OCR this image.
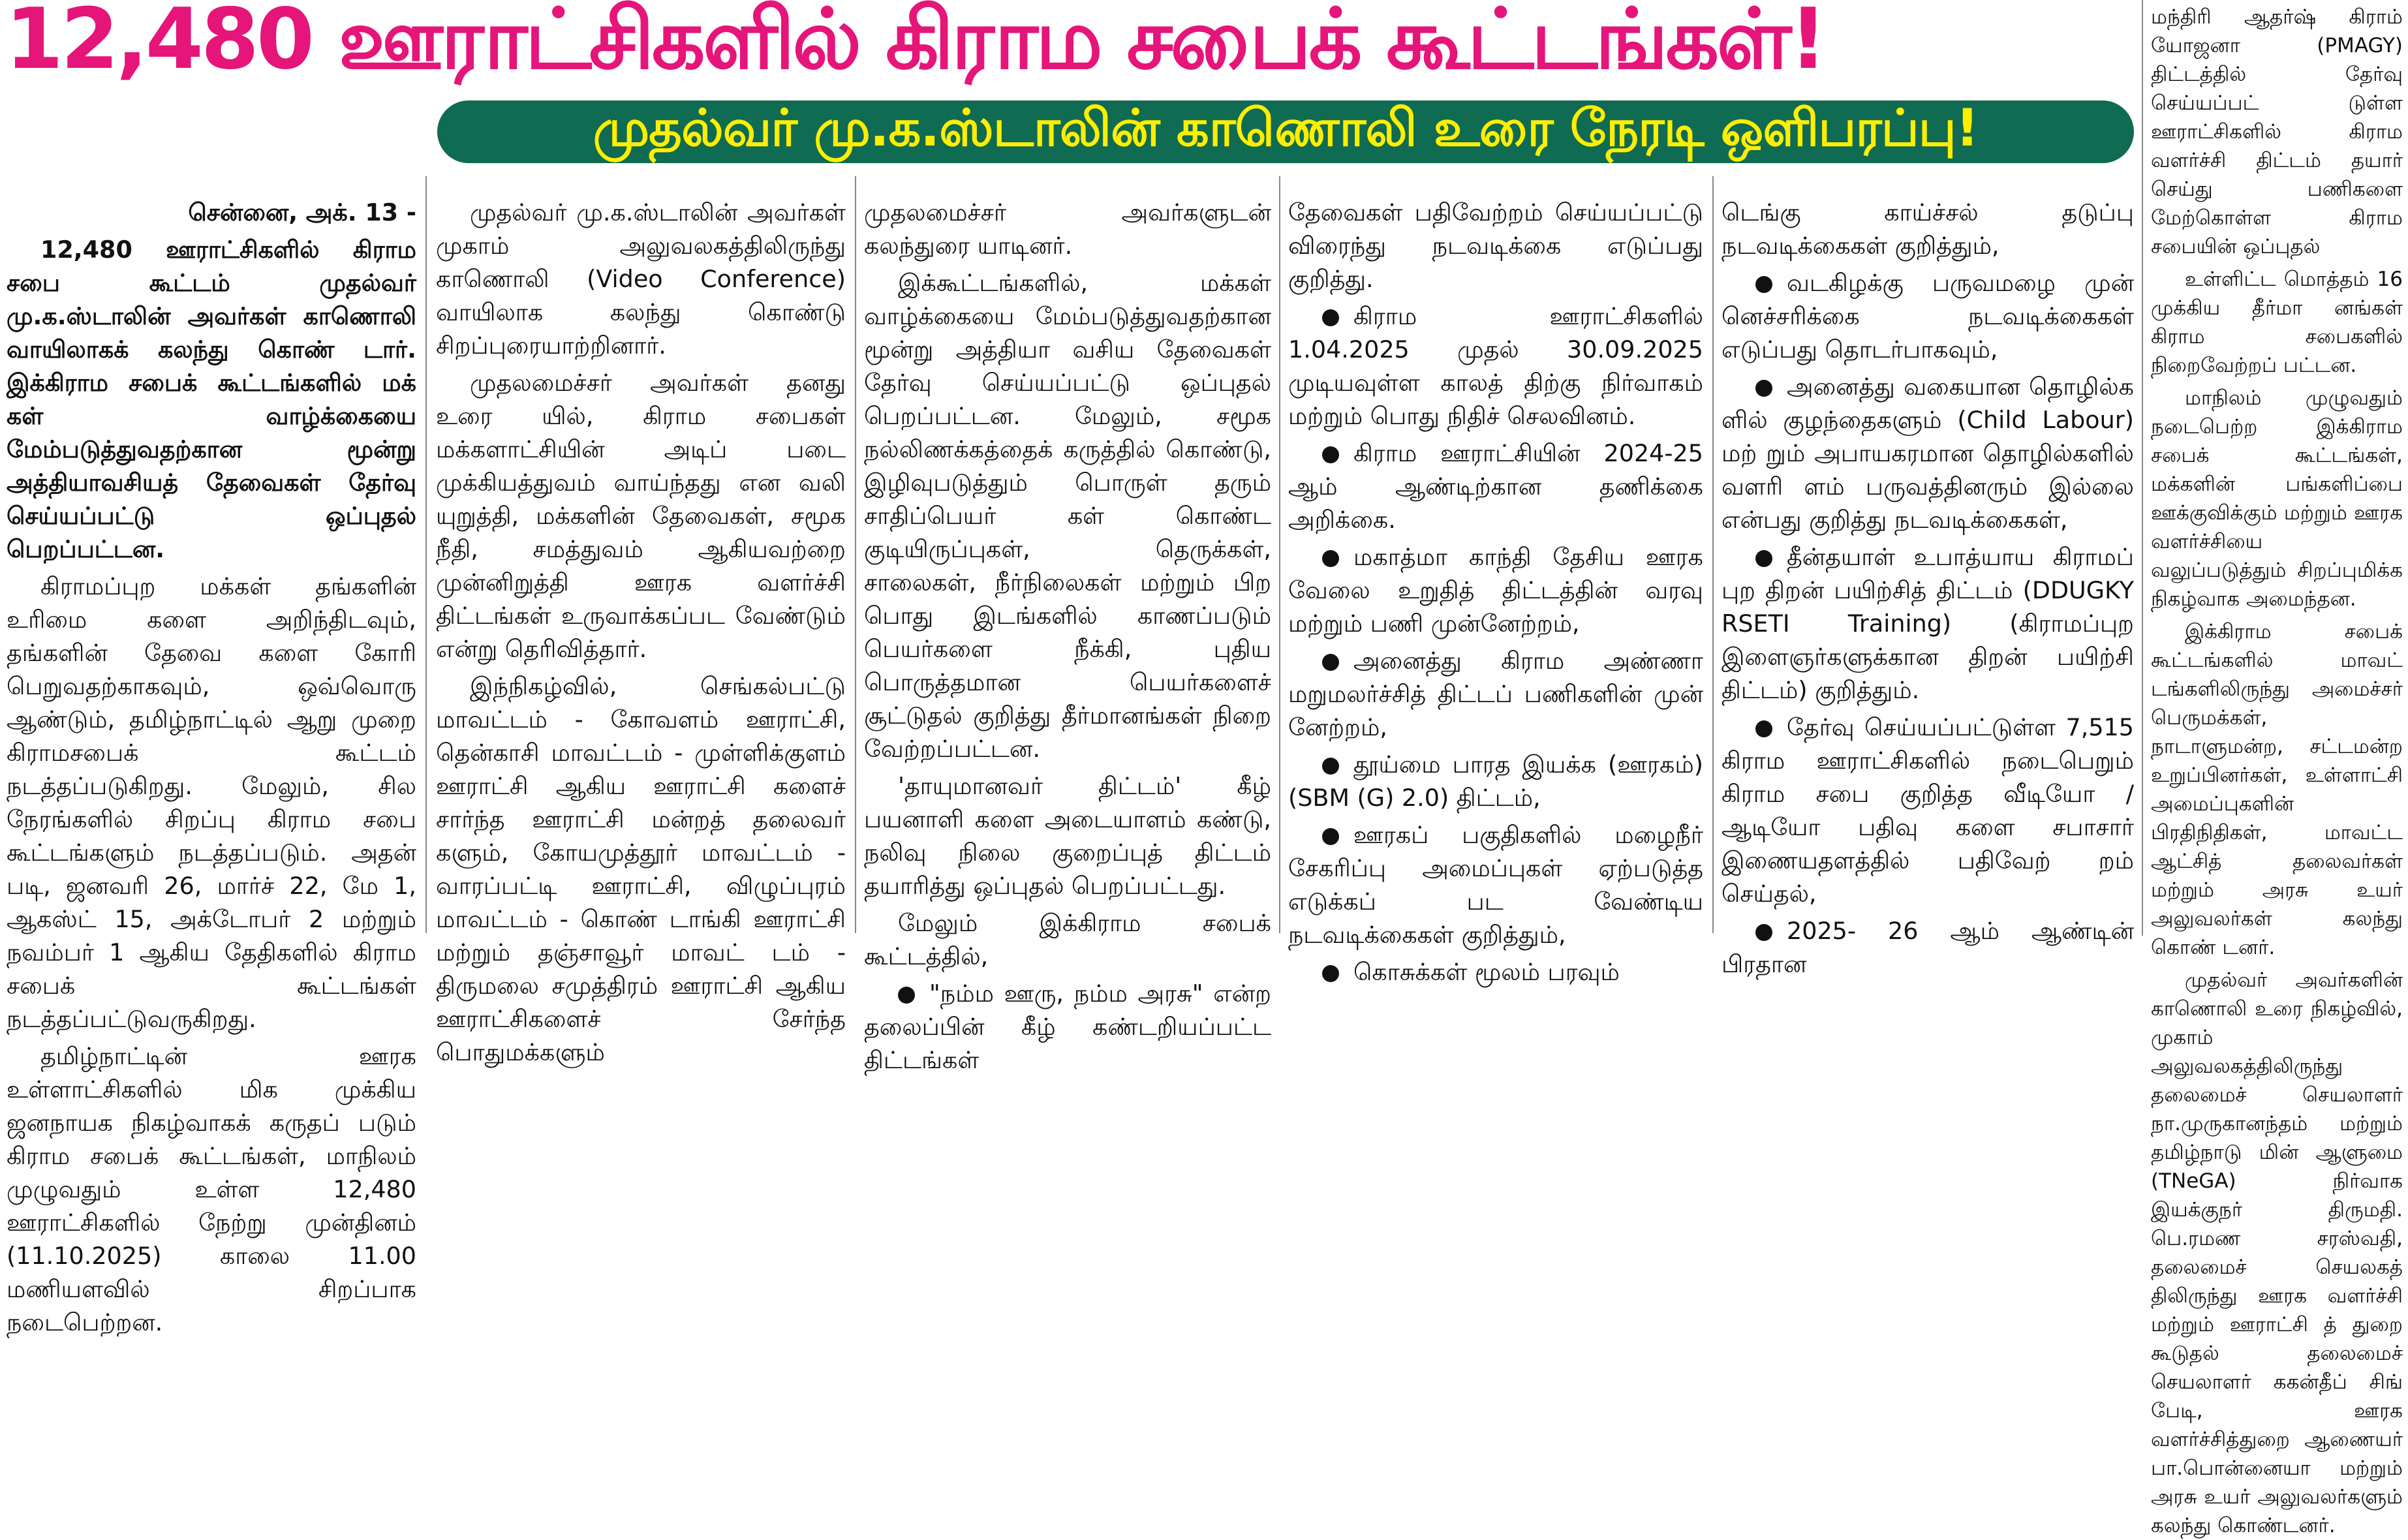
12,480 ஊராட்சிகளில் கிராம சபைக் கூட்டங்கள்!
முதல்வர் மு.க.ஸ்டாலின் காணொலி உரை நேரடி ஒளிபரப்பு!

சென்னை, அக். 13 -

12,480 ஊராட்சிகளில் கிராம சபை கூட்டம் முதல்வர் மு.க.ஸ்டாலின் அவர்கள் காணொலி வாயிலாகக் கலந்து கொண் டார். இக்கிராம சபைக் கூட்டங்களில் மக் கள் வாழ்க்கையை மேம்படுத்துவதற்கான மூன்று அத்தியாவசியத் தேவைகள் தேர்வு செய்யப்பட்டு ஒப்புதல் பெறப்பட்டன.

கிராமப்புற மக்கள் தங்களின் உரிமை களை அறிந்திடவும், தங்களின் தேவை களை கோரி பெறுவதற்காகவும், ஒவ்வொரு ஆண்டும், தமிழ்நாட்டில் ஆறு முறை கிராமசபைக் கூட்டம் நடத்தப்படுகிறது. மேலும், சில நேரங்களில் சிறப்பு கிராம சபை கூட்டங்களும் நடத்தப்படும். அதன் படி, ஜனவரி 26, மார்ச் 22, மே 1, ஆகஸ்ட் 15, அக்டோபர் 2 மற்றும் நவம்பர் 1 ஆகிய தேதிகளில் கிராம சபைக் கூட்டங்கள் நடத்தப்பட்டுவருகிறது.

தமிழ்நாட்டின் ஊரக உள்ளாட்சிகளில் மிக முக்கிய ஜனநாயக நிகழ்வாகக் கருதப் படும் கிராம சபைக் கூட்டங்கள், மாநிலம் முழுவதும் உள்ள 12,480 ஊராட்சிகளில் நேற்று முன்தினம் (11.10.2025) காலை 11.00 மணியளவில் சிறப்பாக நடைபெற்றன.

முதல்வர் மு.க.ஸ்டாலின் அவர்கள் முகாம் அலுவலகத்திலிருந்து காணொலி (Video Conference) வாயிலாக கலந்து கொண்டு சிறப்புரையாற்றினார்.

முதலமைச்சர் அவர்கள் தனது உரை யில், கிராம சபைகள் மக்களாட்சியின் அடிப் படை முக்கியத்துவம் வாய்ந்தது என வலி யுறுத்தி, மக்களின் தேவைகள், சமூக நீதி, சமத்துவம் ஆகியவற்றை முன்னிறுத்தி ஊரக வளர்ச்சி திட்டங்கள் உருவாக்கப்பட வேண்டும் என்று தெரிவித்தார்.

இந்நிகழ்வில், செங்கல்பட்டு மாவட்டம் - கோவளம் ஊராட்சி, தென்காசி மாவட்டம் - முள்ளிக்குளம் ஊராட்சி ஆகிய ஊராட்சி களைச் சார்ந்த ஊராட்சி மன்றத் தலைவர் களும், கோயமுத்தூர் மாவட்டம் - வாரப்பட்டி ஊராட்சி, விழுப்புரம் மாவட்டம் - கொண் டாங்கி ஊராட்சி மற்றும் தஞ்சாவூர் மாவட் டம் - திருமலை சமுத்திரம் ஊராட்சி ஆகிய ஊராட்சிகளைச் சேர்ந்த பொதுமக்களும்

முதலமைச்சர் அவர்களுடன் கலந்துரை யாடினர்.

இக்கூட்டங்களில், மக்கள் வாழ்க்கையை மேம்படுத்துவதற்கான மூன்று அத்தியா வசிய தேவைகள் தேர்வு செய்யப்பட்டு ஒப்புதல் பெறப்பட்டன. மேலும், சமூக நல்லிணக்கத்தைக் கருத்தில் கொண்டு, இழிவுபடுத்தும் பொருள் தரும் சாதிப்பெயர் கள் கொண்ட குடியிருப்புகள், தெருக்கள், சாலைகள், நீர்நிலைகள் மற்றும் பிற பொது இடங்களில் காணப்படும் பெயர்களை நீக்கி, புதிய பொருத்தமான பெயர்களைச் சூட்டுதல் குறித்து தீர்மானங்கள் நிறை வேற்றப்பட்டன.

'தாயுமானவர் திட்டம்' கீழ் பயனாளி களை அடையாளம் கண்டு, நலிவு நிலை குறைப்புத் திட்டம் தயாரித்து ஒப்புதல் பெறப்பட்டது.

மேலும் இக்கிராம சபைக் கூட்டத்தில்,

"நம்ம ஊரு, நம்ம அரசு" என்ற தலைப்பின் கீழ் கண்டறியப்பட்ட திட்டங்கள்

தேவைகள் பதிவேற்றம் செய்யப்பட்டு விரைந்து நடவடிக்கை எடுப்பது குறித்து.

கிராம ஊராட்சிகளில் 1.04.2025 முதல் 30.09.2025 முடியவுள்ள காலத் திற்கு நிர்வாகம் மற்றும் பொது நிதிச் செலவினம்.

கிராம ஊராட்சியின் 2024-25 ஆம் ஆண்டிற்கான தணிக்கை அறிக்கை.

மகாத்மா காந்தி தேசிய ஊரக வேலை உறுதித் திட்டத்தின் வரவு மற்றும் பணி முன்னேற்றம்,

அனைத்து கிராம அண்ணா மறுமலர்ச்சித் திட்டப் பணிகளின் முன் னேற்றம்,

தூய்மை பாரத இயக்க (ஊரகம்) (SBM (G) 2.0) திட்டம்,

ஊரகப் பகுதிகளில் மழைநீர் சேகரிப்பு அமைப்புகள் ஏற்படுத்த எடுக்கப் பட வேண்டிய நடவடிக்கைகள் குறித்தும்,

கொசுக்கள் மூலம் பரவும்

டெங்கு காய்ச்சல் தடுப்பு நடவடிக்கைகள் குறித்தும்,

வடகிழக்கு பருவமழை முன் னெச்சரிக்கை நடவடிக்கைகள் எடுப்பது தொடர்பாகவும்,

அனைத்து வகையான தொழில்க ளில் குழந்தைகளும் (Child Labour) மற் றும் அபாயகரமான தொழில்களில் வளரி ளம் பருவத்தினரும் இல்லை என்பது குறித்து நடவடிக்கைகள்,

தீன்தயாள் உபாத்யாய கிராமப் புற திறன் பயிற்சித் திட்டம் (DDUGKY RSETI Training) (கிராமப்புற இளைஞர்களுக்கான திறன் பயிற்சி திட்டம்) குறித்தும்.

தேர்வு செய்யப்பட்டுள்ள 7,515 கிராம ஊராட்சிகளில் நடைபெறும் கிராம சபை குறித்த வீடியோ / ஆடியோ பதிவு களை சபாசார் இணையதளத்தில் பதிவேற் றம் செய்தல்,

2025- 26 ஆம் ஆண்டின் பிரதான

மந்திரி ஆதர்ஷ் கிராம் யோஜனா (PMAGY) திட்டத்தில் தேர்வு செய்யப்பட் டுள்ள ஊராட்சிகளில் கிராம வளர்ச்சி திட்டம் தயார் செய்து பணிகளை மேற்கொள்ள கிராம சபையின் ஒப்புதல்

உள்ளிட்ட மொத்தம் 16 முக்கிய தீர்மா னங்கள் கிராம சபைகளில் நிறைவேற்றப் பட்டன.

மாநிலம் முழுவதும் நடைபெற்ற இக்கிராம சபைக் கூட்டங்கள், மக்களின் பங்களிப்பை ஊக்குவிக்கும் மற்றும் ஊரக வளர்ச்சியை வலுப்படுத்தும் சிறப்புமிக்க நிகழ்வாக அமைந்தன.

இக்கிராம சபைக் கூட்டங்களில் மாவட் டங்களிலிருந்து அமைச்சர் பெருமக்கள், நாடாளுமன்ற, சட்டமன்ற உறுப்பினர்கள், உள்ளாட்சி அமைப்புகளின் பிரதிநிதிகள், மாவட்ட ஆட்சித் தலைவர்கள் மற்றும் அரசு உயர் அலுவலர்கள் கலந்து கொண் டனர்.

முதல்வர் அவர்களின் காணொலி உரை நிகழ்வில், முகாம் அலுவலகத்திலிருந்து தலைமைச் செயலாளர் நா.முருகானந்தம் மற்றும் தமிழ்நாடு மின் ஆளுமை (TNeGA) நிர்வாக இயக்குநர் திருமதி. பெ.ரமண சரஸ்வதி, தலைமைச் செயலகத் திலிருந்து ஊரக வளர்ச்சி மற்றும் ஊராட்சி த் துறை கூடுதல் தலைமைச் செயலாளர் ககன்தீப் சிங் பேடி, ஊரக வளர்ச்சித்துறை ஆணையர் பா.பொன்னையா மற்றும் அரசு உயர் அலுவலர்களும் கலந்து கொண்டனர்.
